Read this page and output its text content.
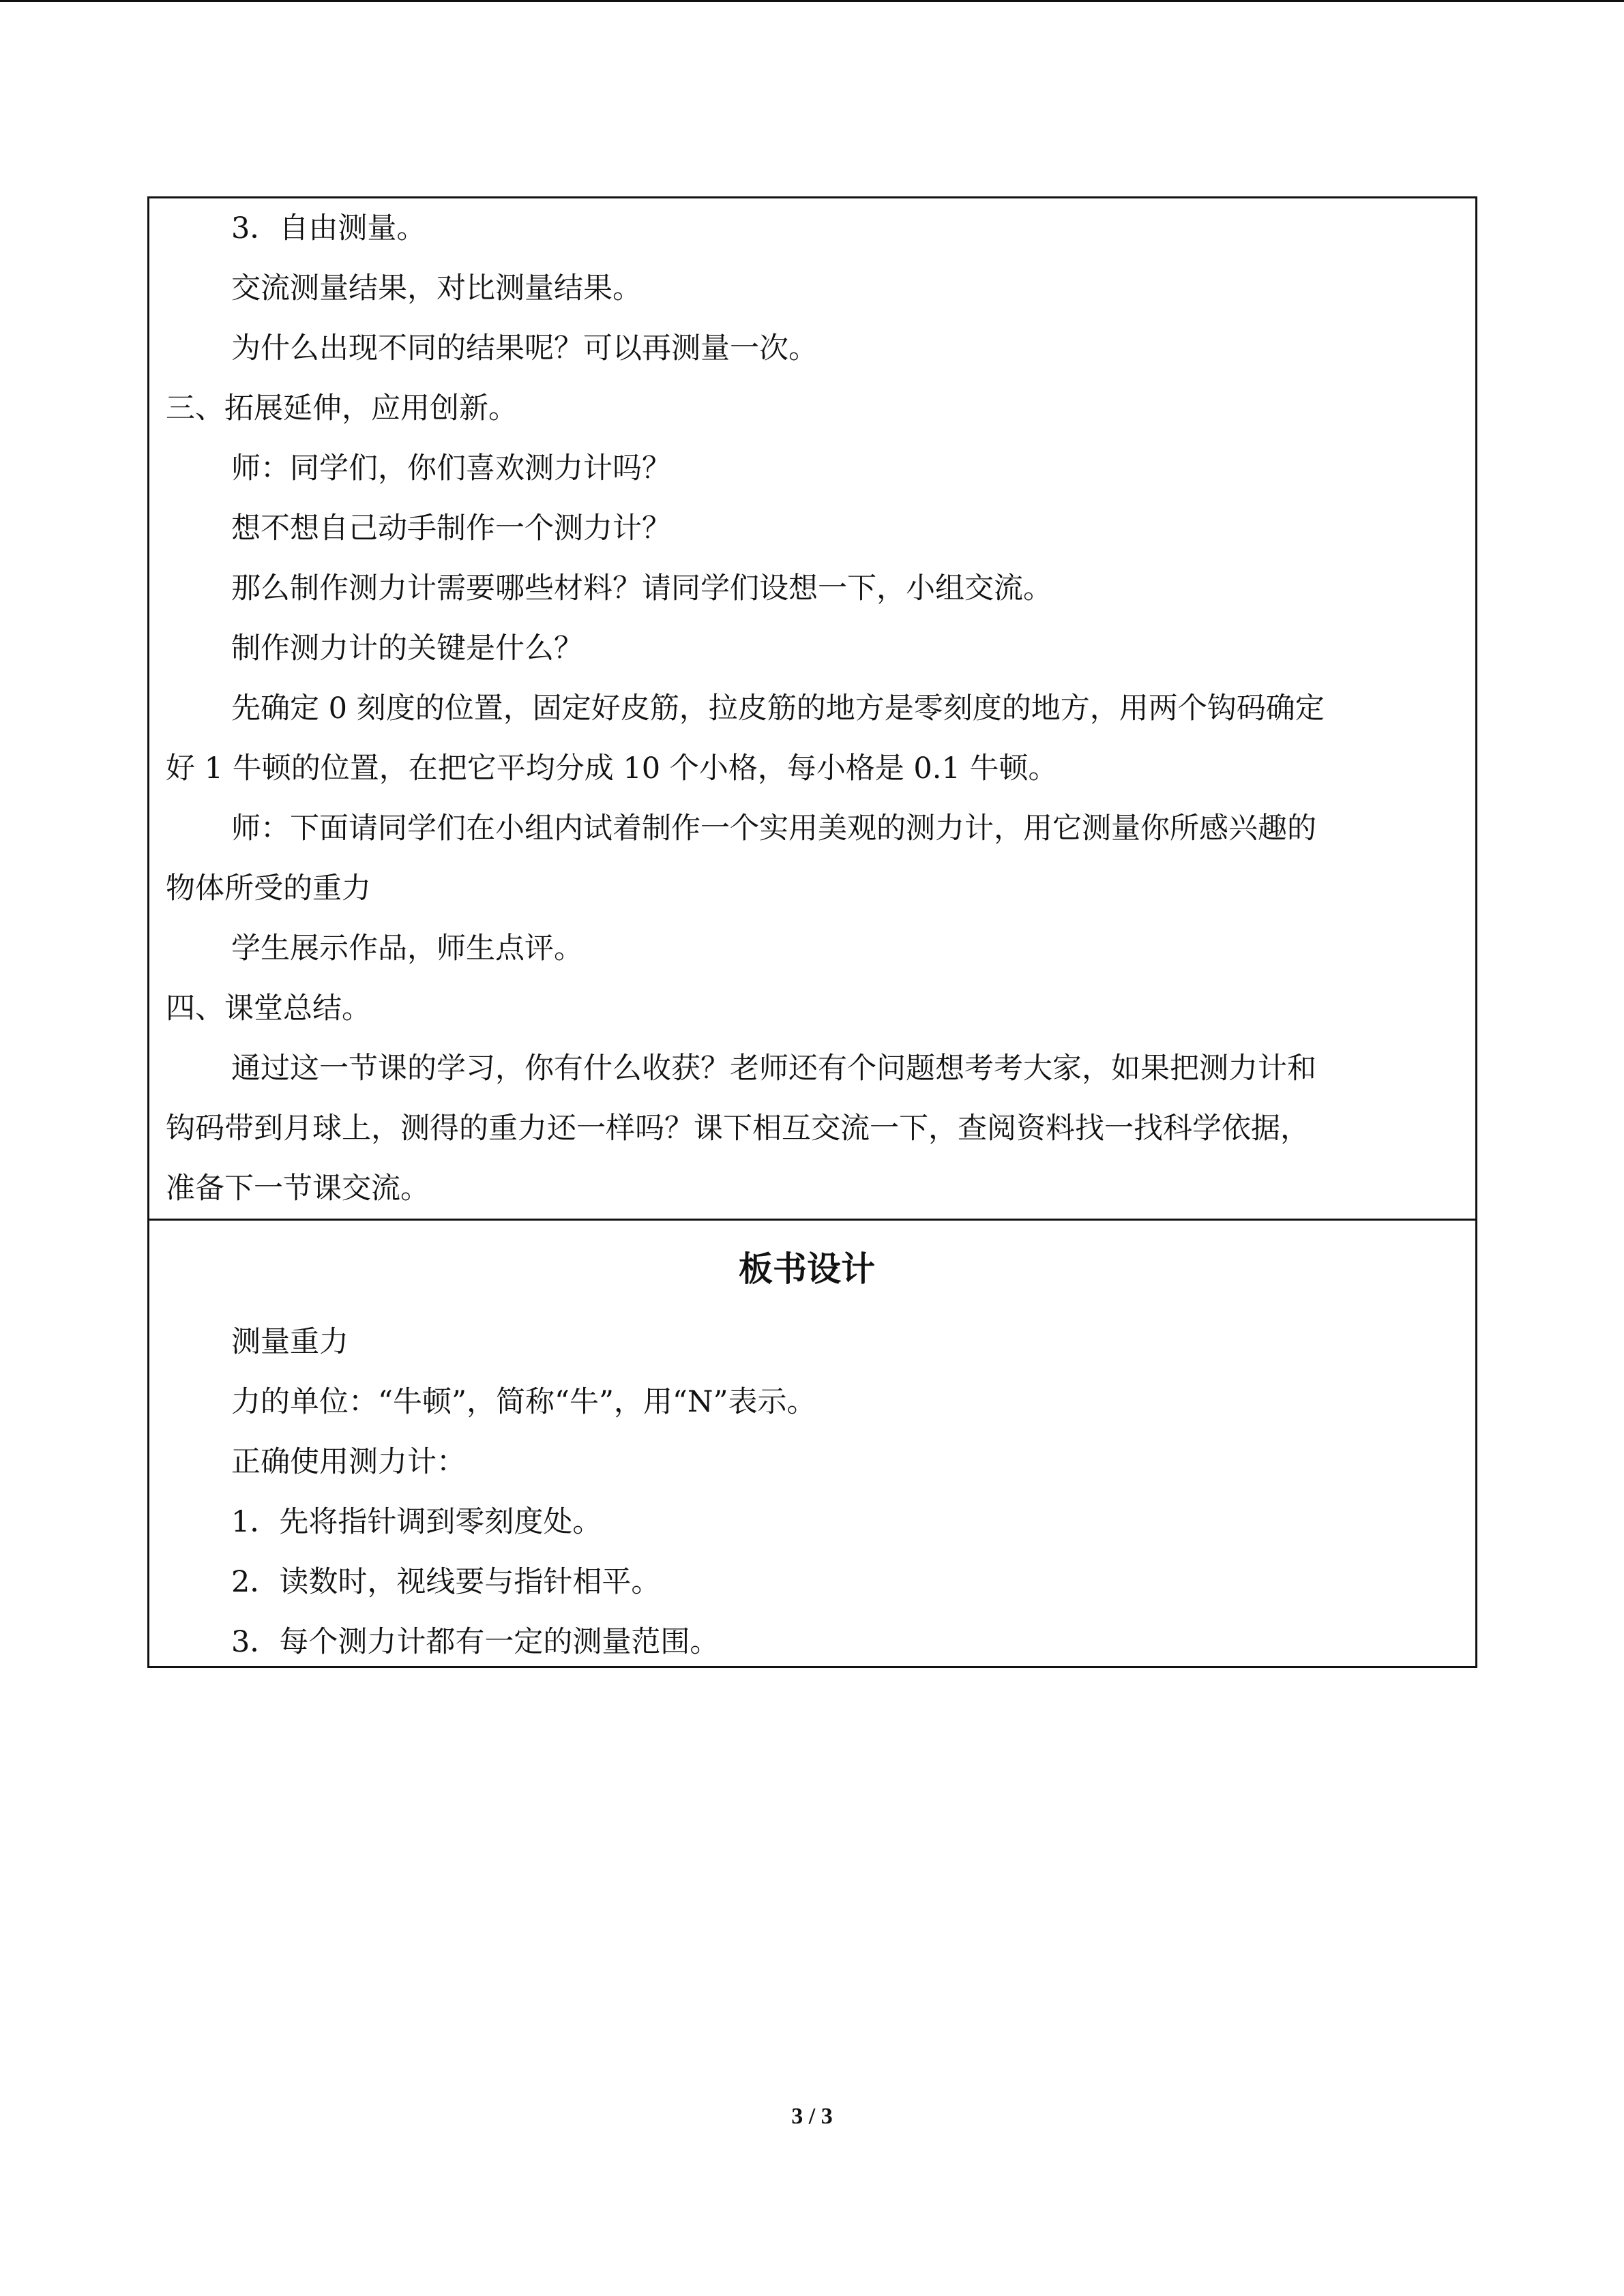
3．自由测量。
交流测量结果，对比测量结果。
为什么出现不同的结果呢？可以再测量一次。
三、拓展延伸，应用创新。
师：同学们，你们喜欢测力计吗？
想不想自己动手制作一个测力计？
那么制作测力计需要哪些材料？请同学们设想一下，小组交流。
制作测力计的关键是什么？
先确定 0 刻度的位置，固定好皮筋，拉皮筋的地方是零刻度的地方，用两个钩码确定
好 1 牛顿的位置，在把它平均分成 10 个小格，每小格是 0.1 牛顿。
师：下面请同学们在小组内试着制作一个实用美观的测力计，用它测量你所感兴趣的
物体所受的重力
学生展示作品，师生点评。
四、课堂总结。
通过这一节课的学习，你有什么收获？老师还有个问题想考考大家，如果把测力计和
钩码带到月球上，测得的重力还一样吗？课下相互交流一下，查阅资料找一找科学依据，
准备下一节课交流。
板书设计
测量重力
力的单位：“牛顿”，简称“牛”，用“N”表示。
正确使用测力计：
1．先将指针调到零刻度处。
2．读数时，视线要与指针相平。
3．每个测力计都有一定的测量范围。
3 / 3
